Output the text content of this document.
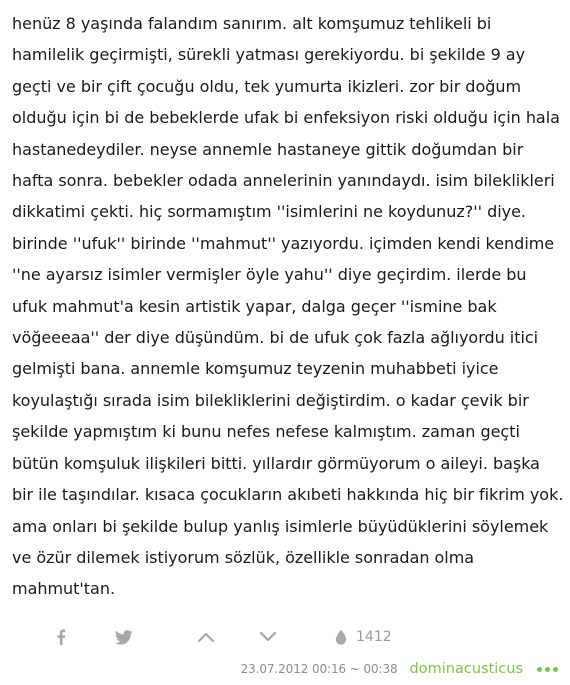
henüz 8 yaşında falandım sanırım. alt komşumuz tehlikeli bi hamilelik geçirmişti, sürekli yatması gerekiyordu. bi şekilde 9 ay geçti ve bir çift çocuğu oldu, tek yumurta ikizleri. zor bir doğum olduğu için bi de bebeklerde ufak bi enfeksiyon riski olduğu için hala hastanedeydiler. neyse annemle hastaneye gittik doğumdan bir hafta sonra. bebekler odada annelerinin yanındaydı. isim bileklikleri dikkatimi çekti. hiç sormamıştım ''isimlerini ne koydunuz?'' diye. birinde ''ufuk'' birinde ''mahmut'' yazıyordu. içimden kendi kendime ''ne ayarsız isimler vermişler öyle yahu'' diye geçirdim. ilerde bu ufuk mahmut'a kesin artistik yapar, dalga geçer ''ismine bak vöğeeeaa'' der diye düşündüm. bi de ufuk çok fazla ağlıyordu itici gelmişti bana. annemle komşumuz teyzenin muhabbeti iyice koyulaştığı sırada isim bilekliklerini değiştirdim. o kadar çevik bir şekilde yapmıştım ki bunu nefes nefese kalmıştım. zaman geçti bütün komşuluk ilişkileri bitti. yıllardır görmüyorum o aileyi. başka bir ile taşındılar. kısaca çocukların akıbeti hakkında hiç bir fikrim yok. ama onları bi şekilde bulup yanlış isimlerle büyüdüklerini söylemek ve özür dilemek istiyorum sözlük, özellikle sonradan olma mahmut'tan.

1412
23.07.2012 00:16 ~ 00:38 dominacusticus
